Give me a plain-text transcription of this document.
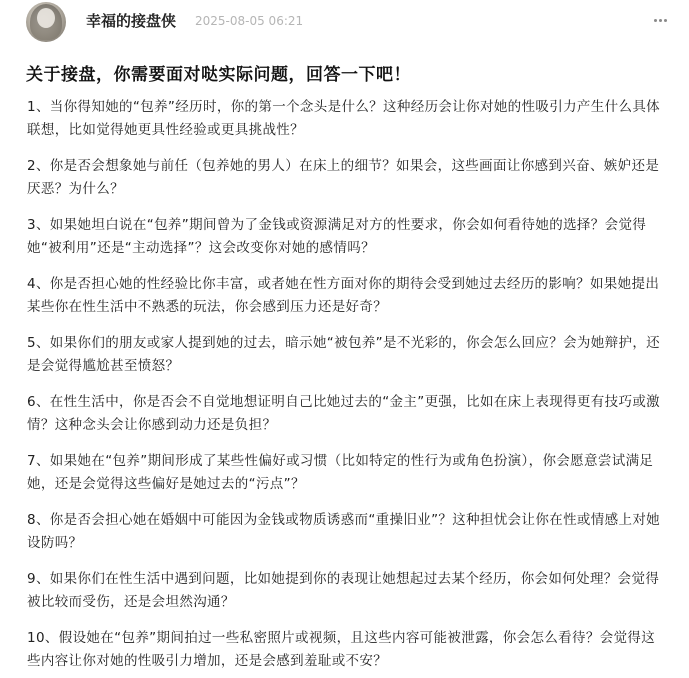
幸福的接盘侠 2025-08-05 06:21
关于接盘，你需要面对哒实际问题，回答一下吧！

1、当你得知她的“包养”经历时，你的第一个念头是什么？这种经历会让你对她的性吸引力产生什么具体联想，比如觉得她更具性经验或更具挑战性？

2、你是否会想象她与前任（包养她的男人）在床上的细节？如果会，这些画面让你感到兴奋、嫉妒还是厌恶？为什么？

3、如果她坦白说在“包养”期间曾为了金钱或资源满足对方的性要求，你会如何看待她的选择？会觉得她“被利用”还是“主动选择”？这会改变你对她的感情吗？

4、你是否担心她的性经验比你丰富，或者她在性方面对你的期待会受到她过去经历的影响？如果她提出某些你在性生活中不熟悉的玩法，你会感到压力还是好奇？

5、如果你们的朋友或家人提到她的过去，暗示她“被包养”是不光彩的，你会怎么回应？会为她辩护，还是会觉得尴尬甚至愤怒？

6、在性生活中，你是否会不自觉地想证明自己比她过去的“金主”更强，比如在床上表现得更有技巧或激情？这种念头会让你感到动力还是负担？

7、如果她在“包养”期间形成了某些性偏好或习惯（比如特定的性行为或角色扮演），你会愿意尝试满足她，还是会觉得这些偏好是她过去的“污点”？

8、你是否会担心她在婚姻中可能因为金钱或物质诱惑而“重操旧业”？这种担忧会让你在性或情感上对她设防吗？

9、如果你们在性生活中遇到问题，比如她提到你的表现让她想起过去某个经历，你会如何处理？会觉得被比较而受伤，还是会坦然沟通？

10、假设她在“包养”期间拍过一些私密照片或视频，且这些内容可能被泄露，你会怎么看待？会觉得这些内容让你对她的性吸引力增加，还是会感到羞耻或不安？
